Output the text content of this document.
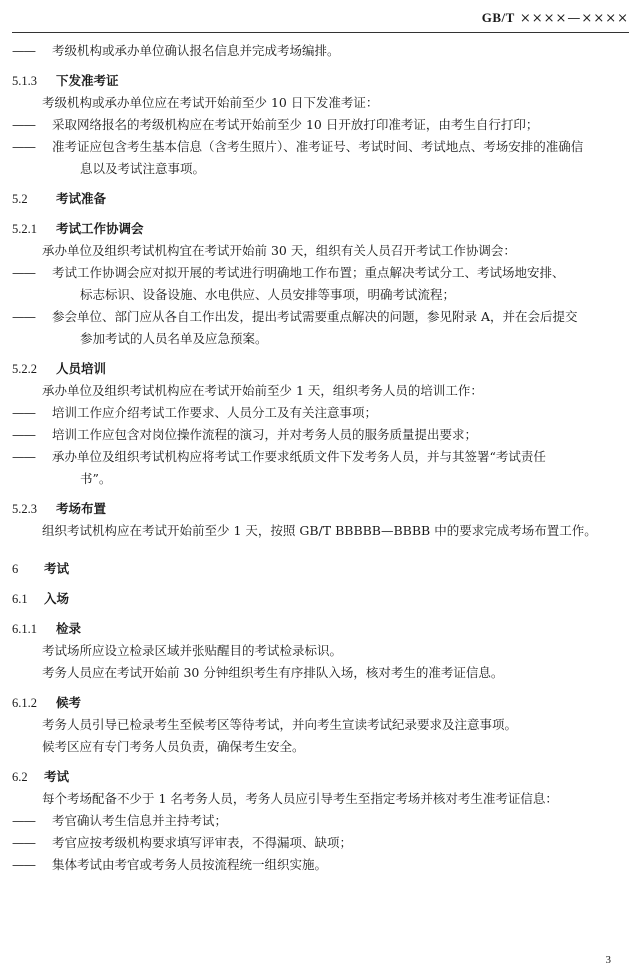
GB/T ××××—××××
—— 考级机构或承办单位确认报名信息并完成考场编排。
5.1.3 下发准考证
考级机构或承办单位应在考试开始前至少 10 日下发准考证：
—— 采取网络报名的考级机构应在考试开始前至少 10 日开放打印准考证，由考生自行打印；
—— 准考证应包含考生基本信息（含考生照片）、准考证号、考试时间、考试地点、考场安排的准确信
息以及考试注意事项。
5.2 考试准备
5.2.1 考试工作协调会
承办单位及组织考试机构宜在考试开始前 30 天，组织有关人员召开考试工作协调会：
—— 考试工作协调会应对拟开展的考试进行明确地工作布置；重点解决考试分工、考试场地安排、
标志标识、设备设施、水电供应、人员安排等事项，明确考试流程；
—— 参会单位、部门应从各自工作出发，提出考试需要重点解决的问题，参见附录 A，并在会后提交
参加考试的人员名单及应急预案。
5.2.2 人员培训
承办单位及组织考试机构应在考试开始前至少 1 天，组织考务人员的培训工作：
—— 培训工作应介绍考试工作要求、人员分工及有关注意事项；
—— 培训工作应包含对岗位操作流程的演习，并对考务人员的服务质量提出要求；
—— 承办单位及组织考试机构应将考试工作要求纸质文件下发考务人员，并与其签署“考试责任
书”。
5.2.3 考场布置
组织考试机构应在考试开始前至少 1 天，按照 GB/T BBBBB—BBBB 中的要求完成考场布置工作。
6 考试
6.1 入场
6.1.1 检录
考试场所应设立检录区域并张贴醒目的考试检录标识。
考务人员应在考试开始前 30 分钟组织考生有序排队入场，核对考生的准考证信息。
6.1.2 候考
考务人员引导已检录考生至候考区等待考试，并向考生宣读考试纪录要求及注意事项。
候考区应有专门考务人员负责，确保考生安全。
6.2 考试
每个考场配备不少于 1 名考务人员，考务人员应引导考生至指定考场并核对考生准考证信息：
—— 考官确认考生信息并主持考试；
—— 考官应按考级机构要求填写评审表，不得漏项、缺项；
—— 集体考试由考官或考务人员按流程统一组织实施。
3
